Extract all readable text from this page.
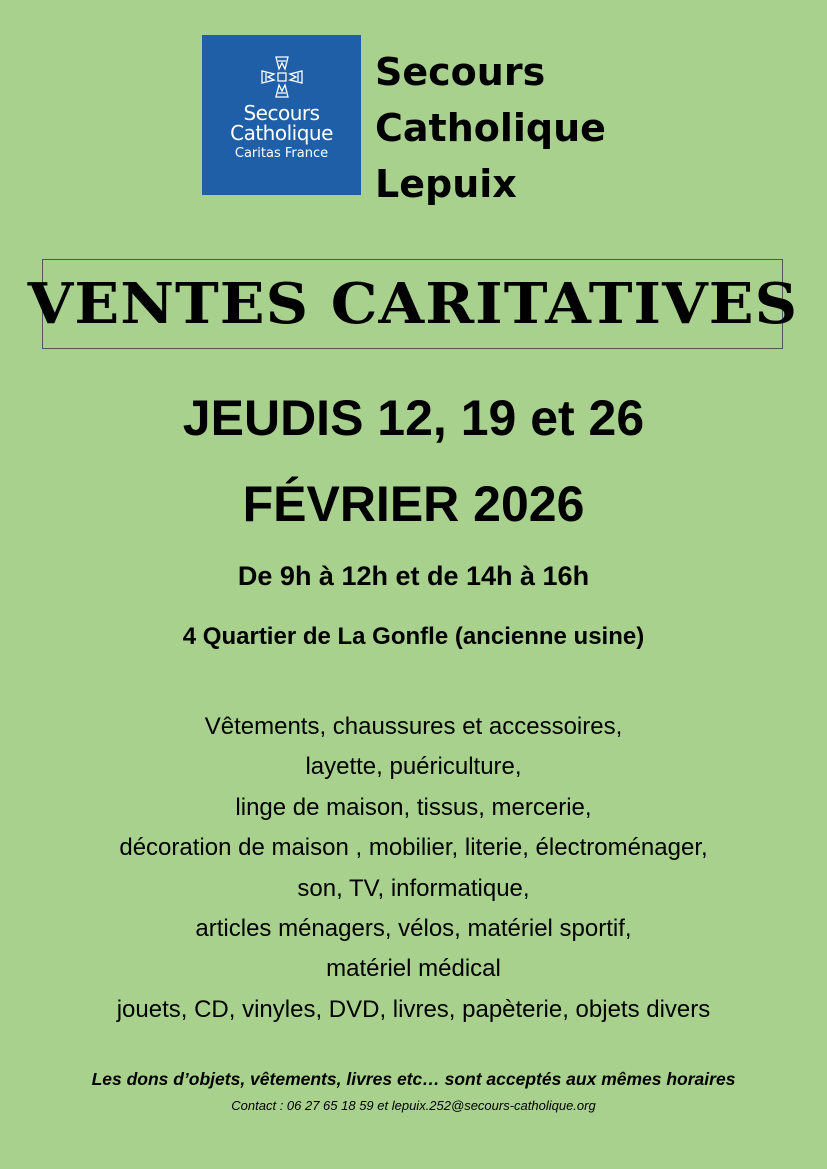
Secours
Catholique
Caritas France
Secours
Catholique
Lepuix
VENTES CARITATIVES
JEUDIS 12, 19 et 26
FÉVRIER 2026
De 9h à 12h et de 14h à 16h
4 Quartier de La Gonfle (ancienne usine)
Vêtements, chaussures et accessoires,
layette, puériculture,
linge de maison, tissus, mercerie,
décoration de maison , mobilier, literie, électroménager,
son, TV, informatique,
articles ménagers, vélos, matériel sportif,
matériel médical
jouets, CD, vinyles, DVD, livres, papèterie, objets divers
Les dons d’objets, vêtements, livres etc… sont acceptés aux mêmes horaires
Contact : 06 27 65 18 59 et lepuix.252@secours-catholique.org
